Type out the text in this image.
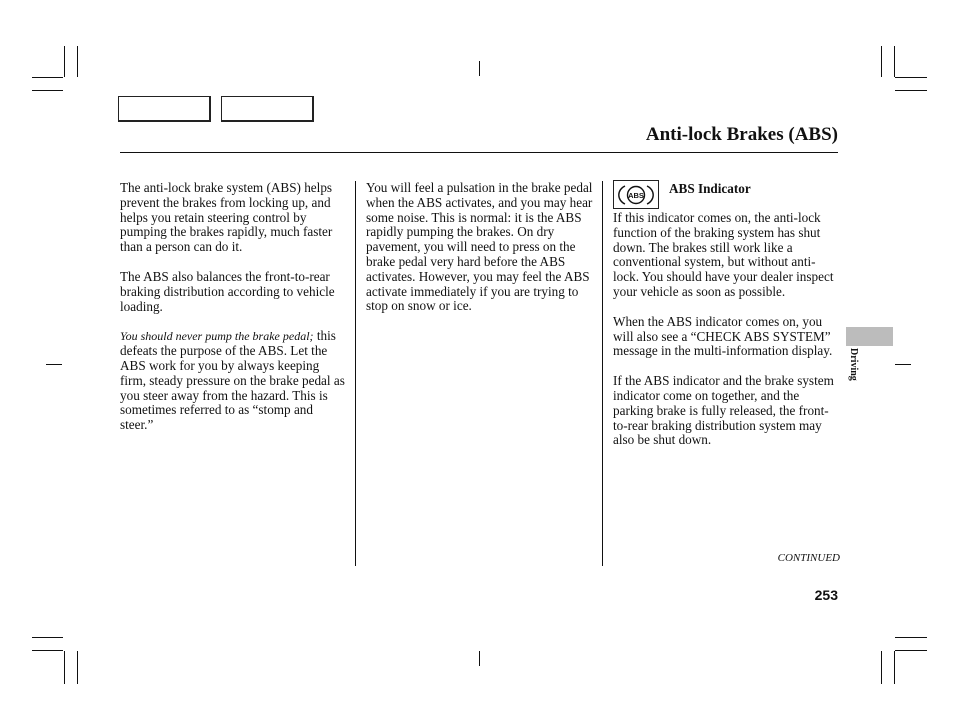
Anti-lock Brakes (ABS)

The anti-lock brake system (ABS) helps prevent the brakes from locking up, and helps you retain steering control by pumping the brakes rapidly, much faster than a person can do it.

The ABS also balances the front-to-rear braking distribution according to vehicle loading.

You should never pump the brake pedal; this defeats the purpose of the ABS. Let the ABS work for you by always keeping firm, steady pressure on the brake pedal as you steer away from the hazard. This is sometimes referred to as “stomp and steer.”

You will feel a pulsation in the brake pedal when the ABS activates, and you may hear some noise. This is normal: it is the ABS rapidly pumping the brakes. On dry pavement, you will need to press on the brake pedal very hard before the ABS activates. However, you may feel the ABS activate immediately if you are trying to stop on snow or ice.

ABS ABS Indicator

If this indicator comes on, the anti-lock function of the braking system has shut down. The brakes still work like a conventional system, but without anti-lock. You should have your dealer inspect your vehicle as soon as possible.

When the ABS indicator comes on, you will also see a “CHECK ABS SYSTEM” message in the multi-information display.

If the ABS indicator and the brake system indicator come on together, and the parking brake is fully released, the front-to-rear braking distribution system may also be shut down.

Driving
CONTINUED
253
